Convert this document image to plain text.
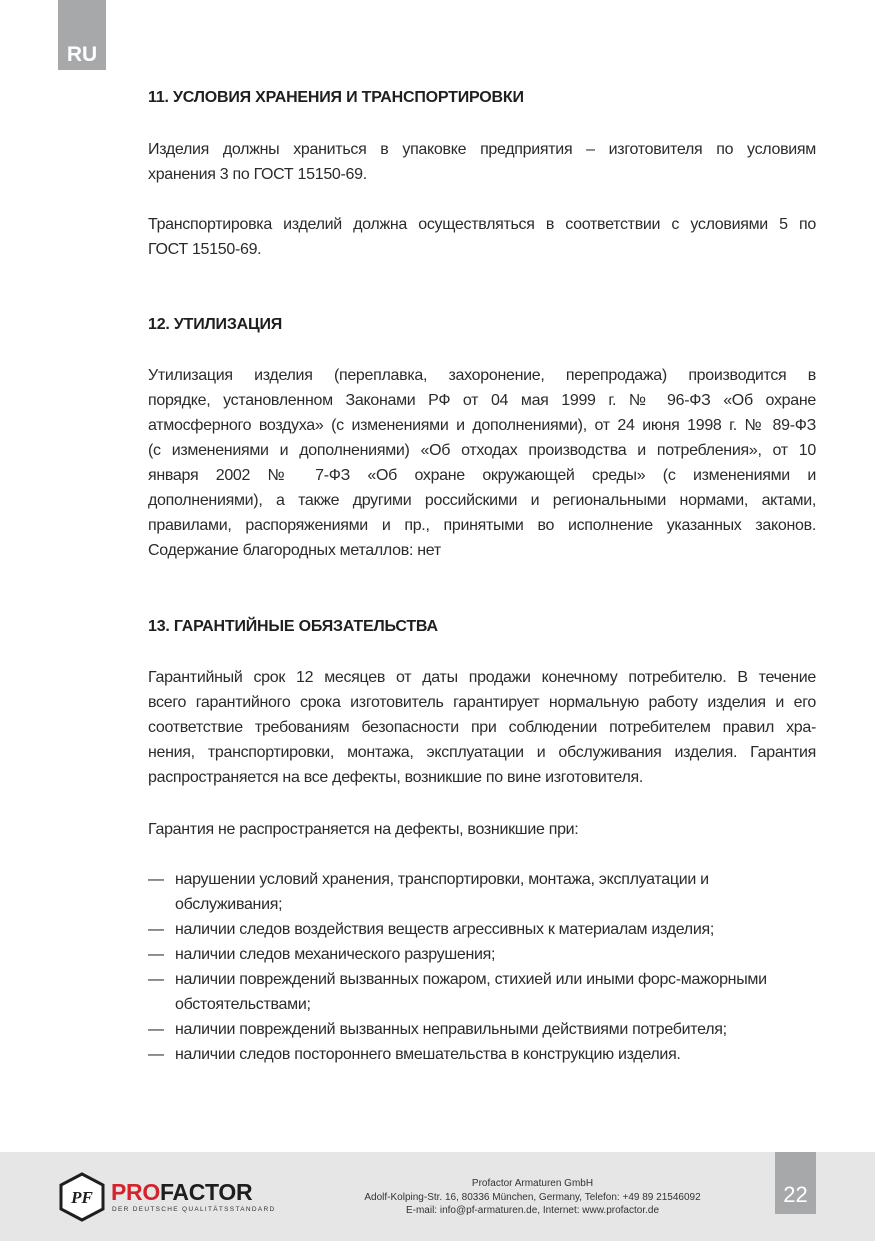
RU
11. УСЛОВИЯ ХРАНЕНИЯ И ТРАНСПОРТИРОВКИ
Изделия должны храниться в упаковке предприятия – изготовителя по условиям
хранения 3 по ГОСТ 15150-69.
Транспортировка изделий должна осуществляться в соответствии с условиями 5 по
ГОСТ 15150-69.
12. УТИЛИЗАЦИЯ
Утилизация изделия (переплавка, захоронение, перепродажа) производится в
порядке, установленном Законами РФ от 04 мая 1999 г. № 96-ФЗ «Об охране
атмосферного воздуха» (с изменениями и дополнениями), от 24 июня 1998 г. № 89-ФЗ
(с изменениями и дополнениями) «Об отходах производства и потребления», от 10
января 2002 № 7-ФЗ «Об охране окружающей среды» (с изменениями и
дополнениями), а также другими российскими и региональными нормами, актами,
правилами, распоряжениями и пр., принятыми во исполнение указанных законов.
Содержание благородных металлов: нет
13. ГАРАНТИЙНЫЕ ОБЯЗАТЕЛЬСТВА
Гарантийный срок 12 месяцев от даты продажи конечному потребителю. В течение
всего гарантийного срока изготовитель гарантирует нормальную работу изделия и его
соответствие требованиям безопасности при соблюдении потребителем правил хра-
нения, транспортировки, монтажа, эксплуатации и обслуживания изделия. Гарантия
распространяется на все дефекты, возникшие по вине изготовителя.
Гарантия не распространяется на дефекты, возникшие при:
— нарушении условий хранения, транспортировки, монтажа, эксплуатации и
обслуживания;
— наличии следов воздействия веществ агрессивных к материалам изделия;
— наличии следов механического разрушения;
— наличии повреждений вызванных пожаром, стихией или иными форс-мажорными
обстоятельствами;
— наличии повреждений вызванных неправильными действиями потребителя;
— наличии следов постороннего вмешательства в конструкцию изделия.
PF PROFACTOR
DER DEUTSCHE QUALITÄTSSTANDARD
Profactor Armaturen GmbH
Adolf-Kolping-Str. 16, 80336 München, Germany, Telefon: +49 89 21546092
E-mail: info@pf-armaturen.de, Internet: www.profactor.de
22
